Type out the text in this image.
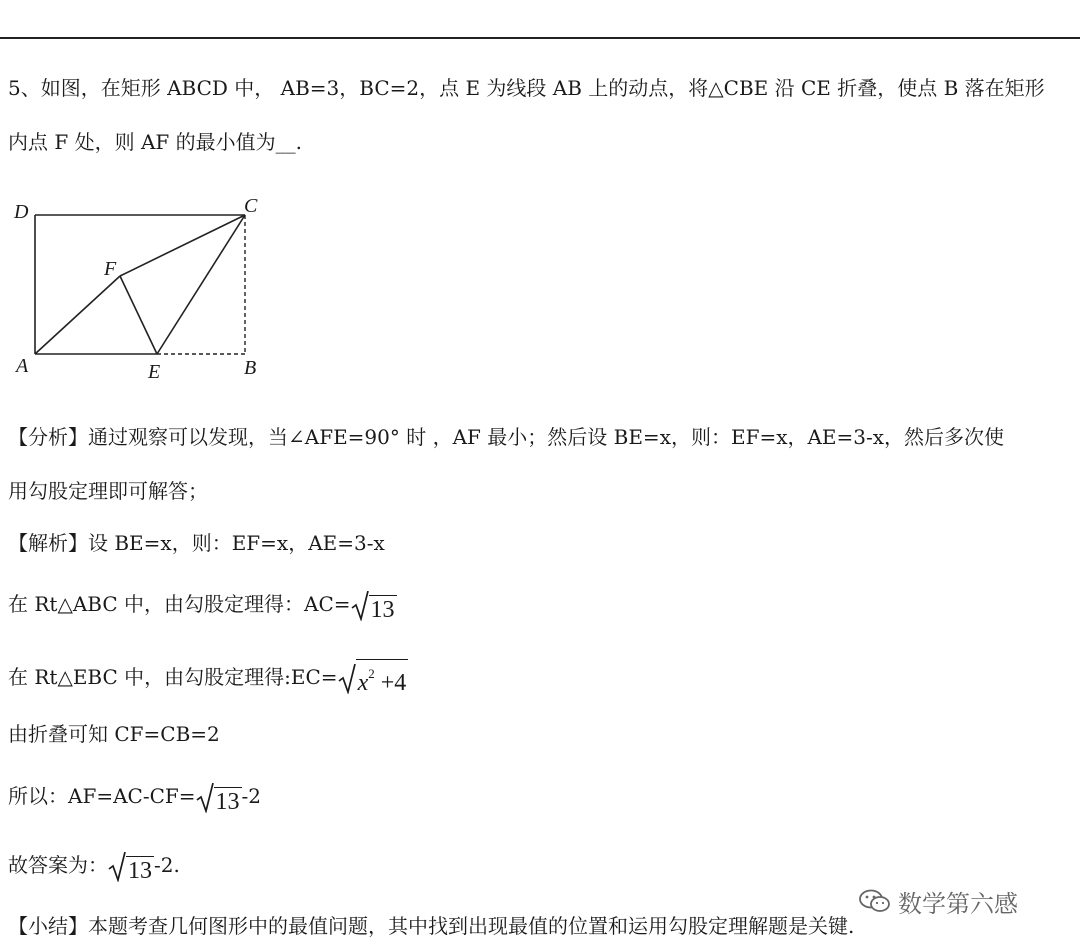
5、如图，在矩形 ABCD 中， AB=3，BC=2，点 E 为线段 AB 上的动点，将△CBE 沿 CE 折叠，使点 B 落在矩形
内点 F 处，则 AF 的最小值为__.
D	C
F
A	E	B
【分析】通过观察可以发现，当∠AFE=90° 时 ，AF 最小；然后设 BE=x，则：EF=x，AE=3-x，然后多次使
用勾股定理即可解答；
【解析】设 BE=x，则：EF=x，AE=3-x
在 Rt△ABC 中，由勾股定理得：AC= 13
在 Rt△EBC 中，由勾股定理得:EC= $x^2 +4$
由折叠可知 CF=CB=2
所以：AF=AC-CF= 13 -2
故答案为： 13 -2.
【小结】本题考查几何图形中的最值问题，其中找到出现最值的位置和运用勾股定理解题是关键.
数学第六感
